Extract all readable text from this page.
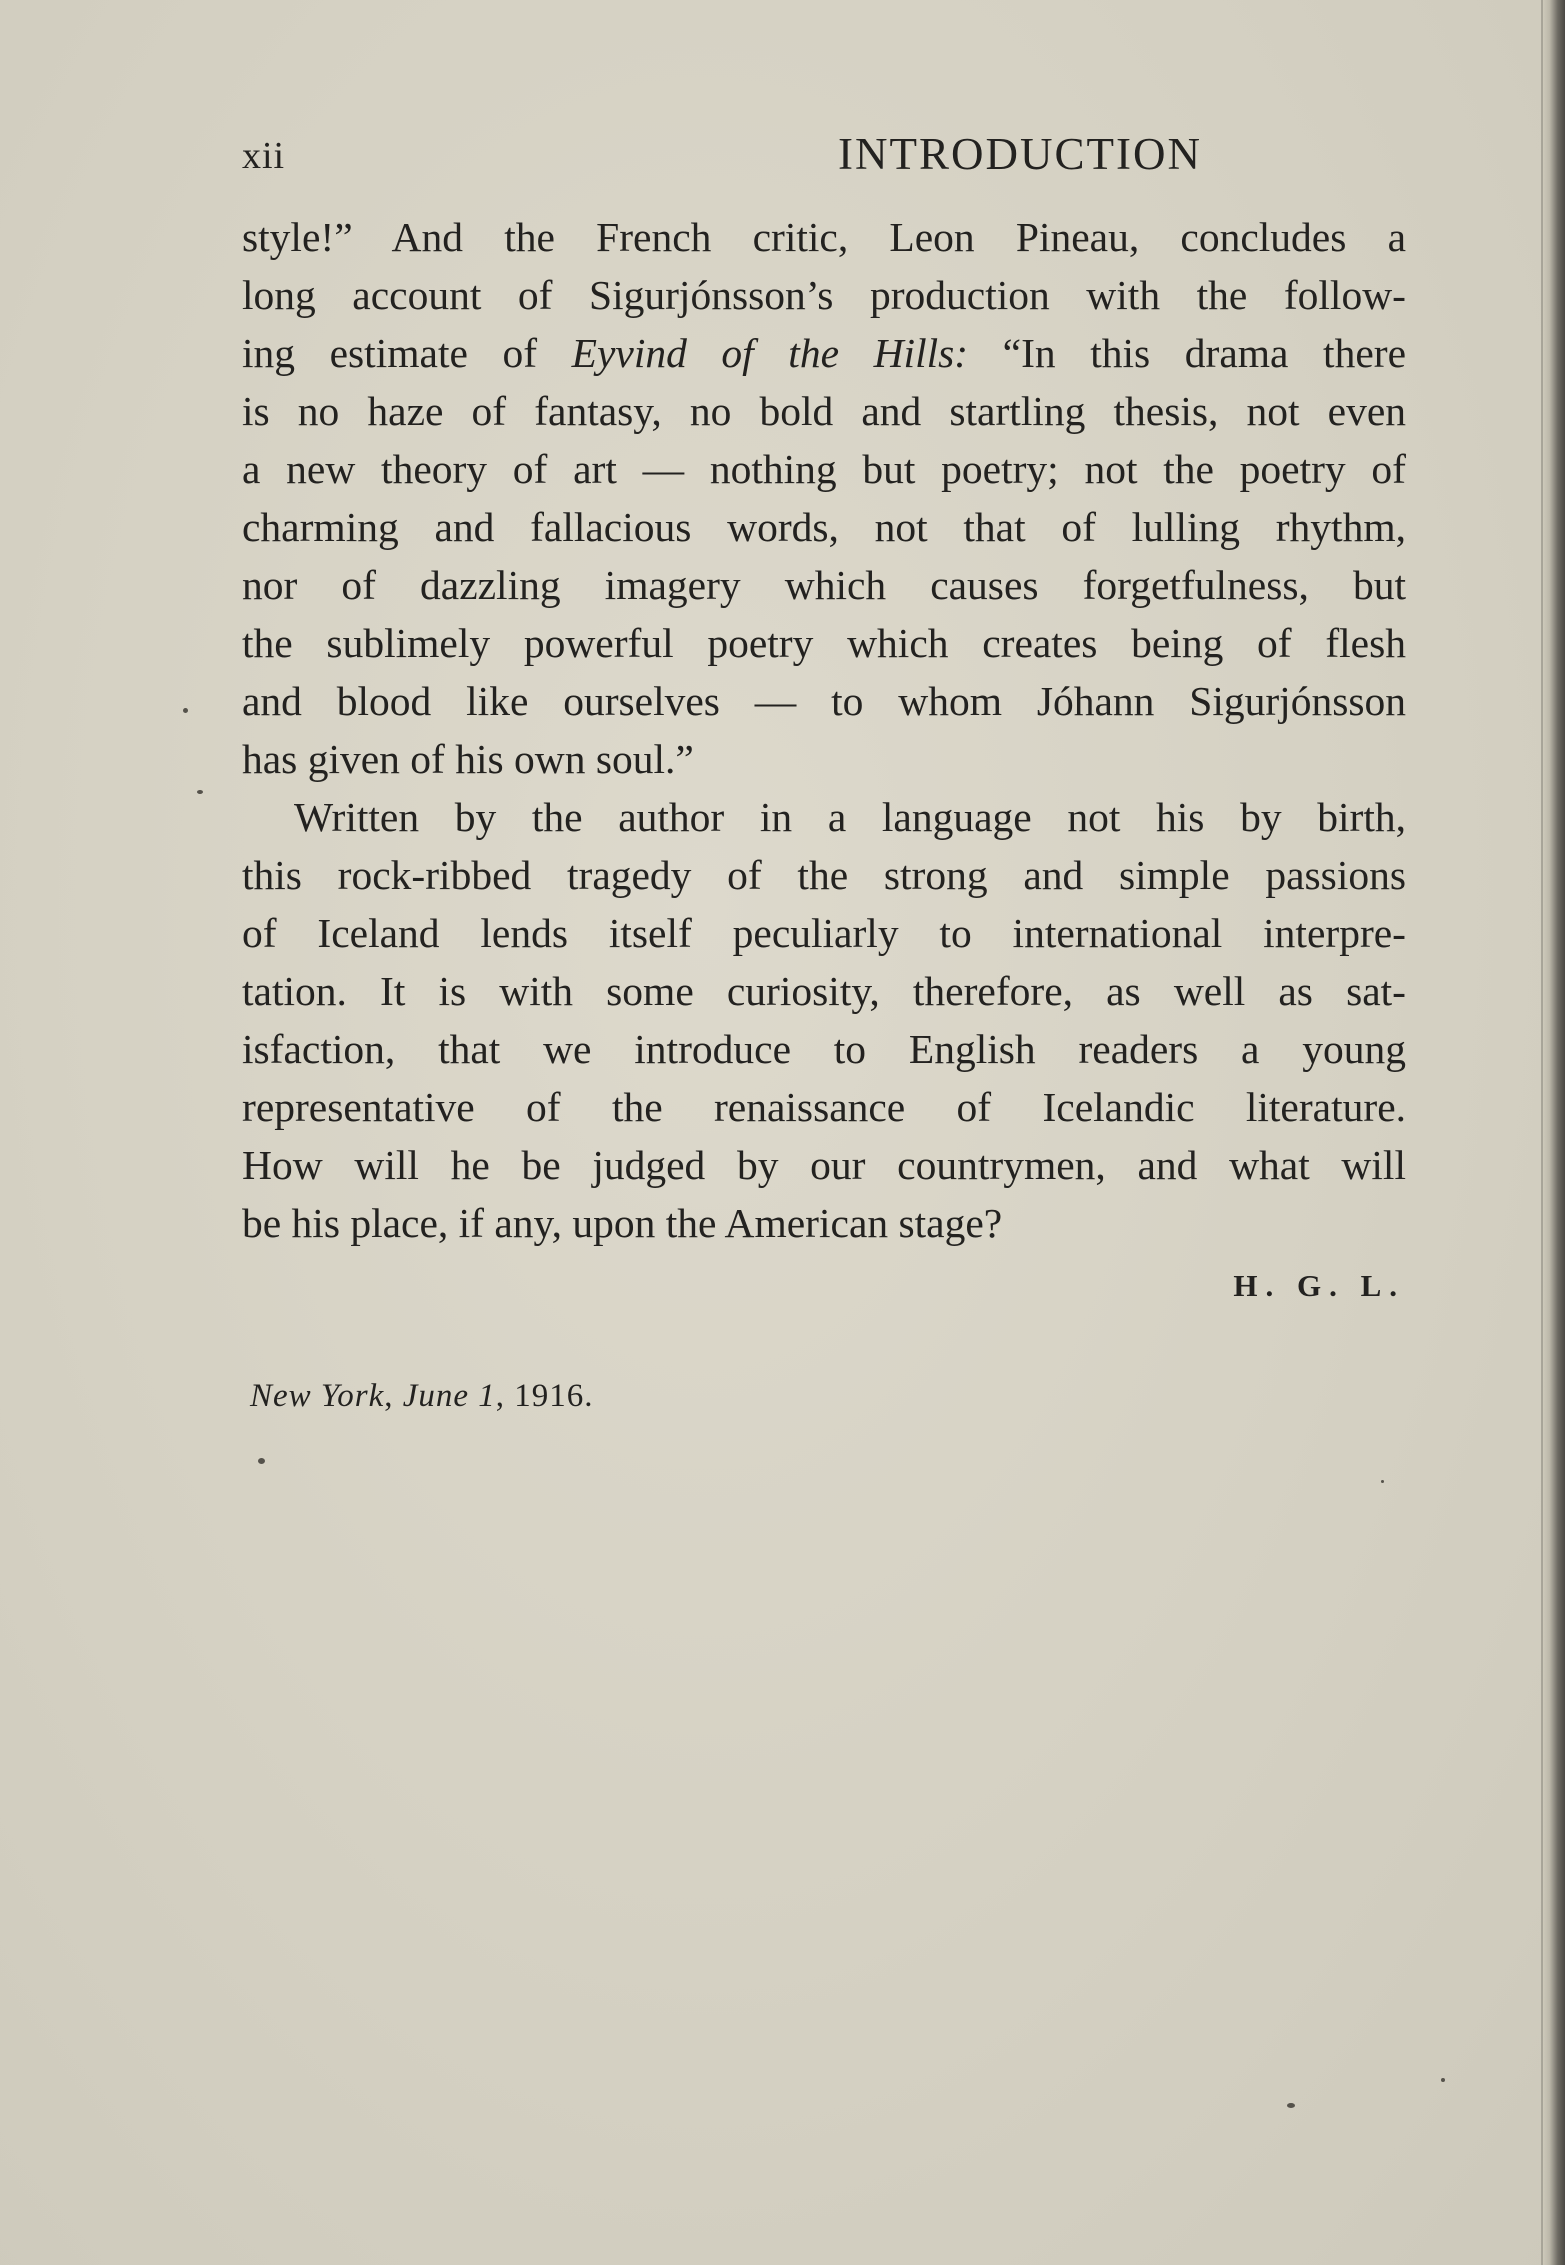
xii	INTRODUCTION
style!” And the French critic, Leon Pineau, concludes a
long account of Sigurjónsson’s production with the follow-
ing estimate of Eyvind of the Hills: “In this drama there
is no haze of fantasy, no bold and startling thesis, not even
a new theory of art — nothing but poetry; not the poetry of
charming and fallacious words, not that of lulling rhythm,
nor of dazzling imagery which causes forgetfulness, but
the sublimely powerful poetry which creates being of flesh
and blood like ourselves — to whom Jóhann Sigurjónsson
has given of his own soul.”
Written by the author in a language not his by birth,
this rock-ribbed tragedy of the strong and simple passions
of Iceland lends itself peculiarly to international interpre-
tation. It is with some curiosity, therefore, as well as sat-
isfaction, that we introduce to English readers a young
representative of the renaissance of Icelandic literature.
How will he be judged by our countrymen, and what will
be his place, if any, upon the American stage?
H. G. L.
New York, June 1, 1916.
